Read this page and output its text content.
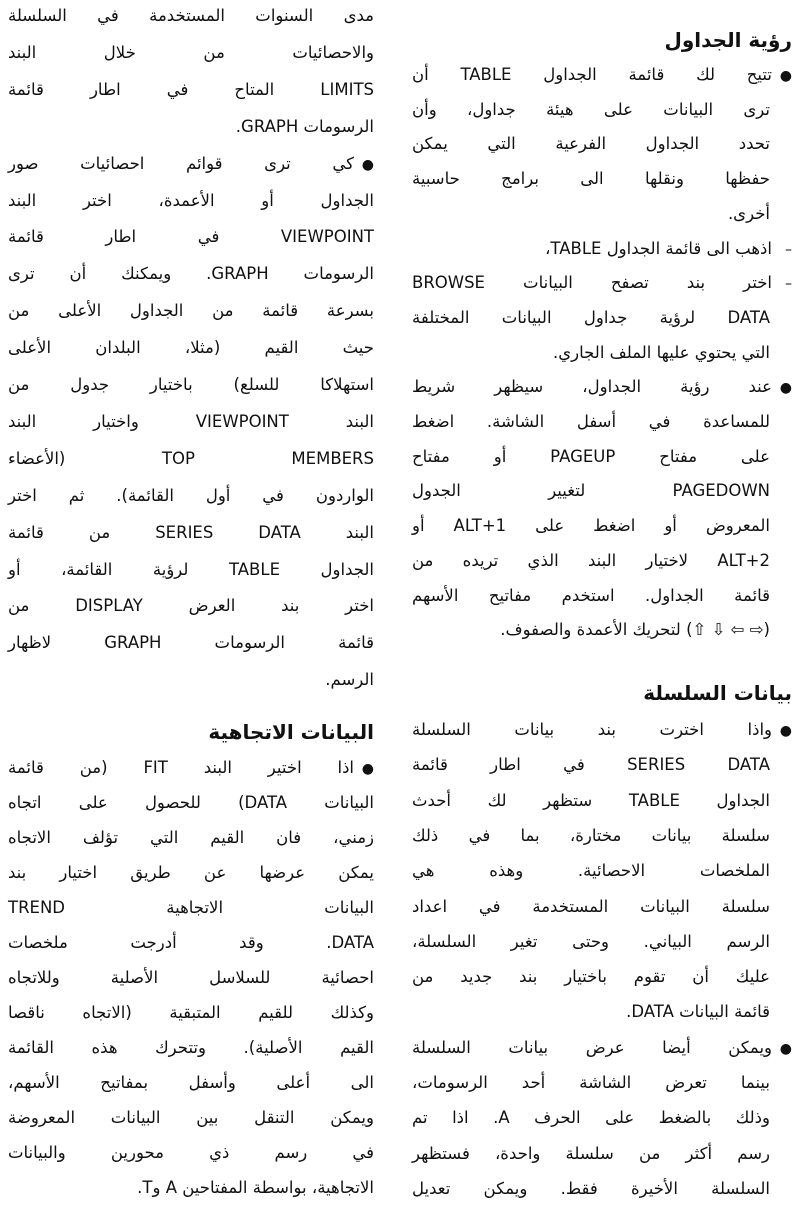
رؤية الجداول
●تتيح لك قائمة الجداول TABLE أن
ترى البيانات على هيئة جداول، وأن
تحدد الجداول الفرعية التي يمكن
حفظها ونقلها الى برامج حاسبية
أخرى.
–اذهب الى قائمة الجداول TABLE،
–اختر بند تصفح البيانات BROWSE
DATA لرؤية جداول البيانات المختلفة
التي يحتوي عليها الملف الجاري.
●عند رؤية الجداول، سيظهر شريط
للمساعدة في أسفل الشاشة. اضغط
على مفتاح PAGEUP أو مفتاح
PAGEDOWN لتغيير الجدول
المعروض أو اضغط على ALT+1 أو
ALT+2 لاختيار البند الذي تريده من
قائمة الجداول. استخدم مفاتيح الأسهم
(⇨ ⇦ ⇩ ⇧) لتحريك الأعمدة والصفوف.
بيانات السلسلة
●واذا اخترت بند بيانات السلسلة
SERIES DATA في اطار قائمة
الجداول TABLE ستظهر لك أحدث
سلسلة بيانات مختارة، بما في ذلك
الملخصات الاحصائية. وهذه هي
سلسلة البيانات المستخدمة في اعداد
الرسم البياني. وحتى تغير السلسلة،
عليك أن تقوم باختيار بند جديد من
قائمة البيانات DATA.
●ويمكن أيضا عرض بيانات السلسلة
بينما تعرض الشاشة أحد الرسومات،
وذلك بالضغط على الحرف A. اذا تم
رسم أكثر من سلسلة واحدة، فستظهر
السلسلة الأخيرة فقط. ويمكن تعديل
مدى السنوات المستخدمة في السلسلة
والاحصائيات من خلال البند
LIMITS المتاح في اطار قائمة
الرسومات GRAPH.
●كي ترى قوائم احصائيات صور
الجداول أو الأعمدة، اختر البند
VIEWPOINT في اطار قائمة
الرسومات GRAPH. ويمكنك أن ترى
بسرعة قائمة من الجداول الأعلى من
حيث القيم (مثلا، البلدان الأعلى
استهلاكا للسلع) باختيار جدول من
البند VIEWPOINT واختيار البند
TOP MEMBERS (الأعضاء
الواردون في أول القائمة). ثم اختر
البند SERIES DATA من قائمة
الجداول TABLE لرؤية القائمة، أو
اختر بند العرض DISPLAY من
قائمة الرسومات GRAPH لاظهار
الرسم.
البيانات الاتجاهية
●اذا اختير البند FIT (من قائمة
البيانات DATA) للحصول على اتجاه
زمني، فان القيم التي تؤلف الاتجاه
يمكن عرضها عن طريق اختيار بند
البيانات الاتجاهية TREND
DATA. وقد أدرجت ملخصات
احصائية للسلاسل الأصلية وللاتجاه
وكذلك للقيم المتبقية (الاتجاه ناقصا
القيم الأصلية). وتتحرك هذه القائمة
الى أعلى وأسفل بمفاتيح الأسهم،
ويمكن التنقل بين البيانات المعروضة
في رسم ذي محورين والبيانات
الاتجاهية، بواسطة المفتاحين A وT.
